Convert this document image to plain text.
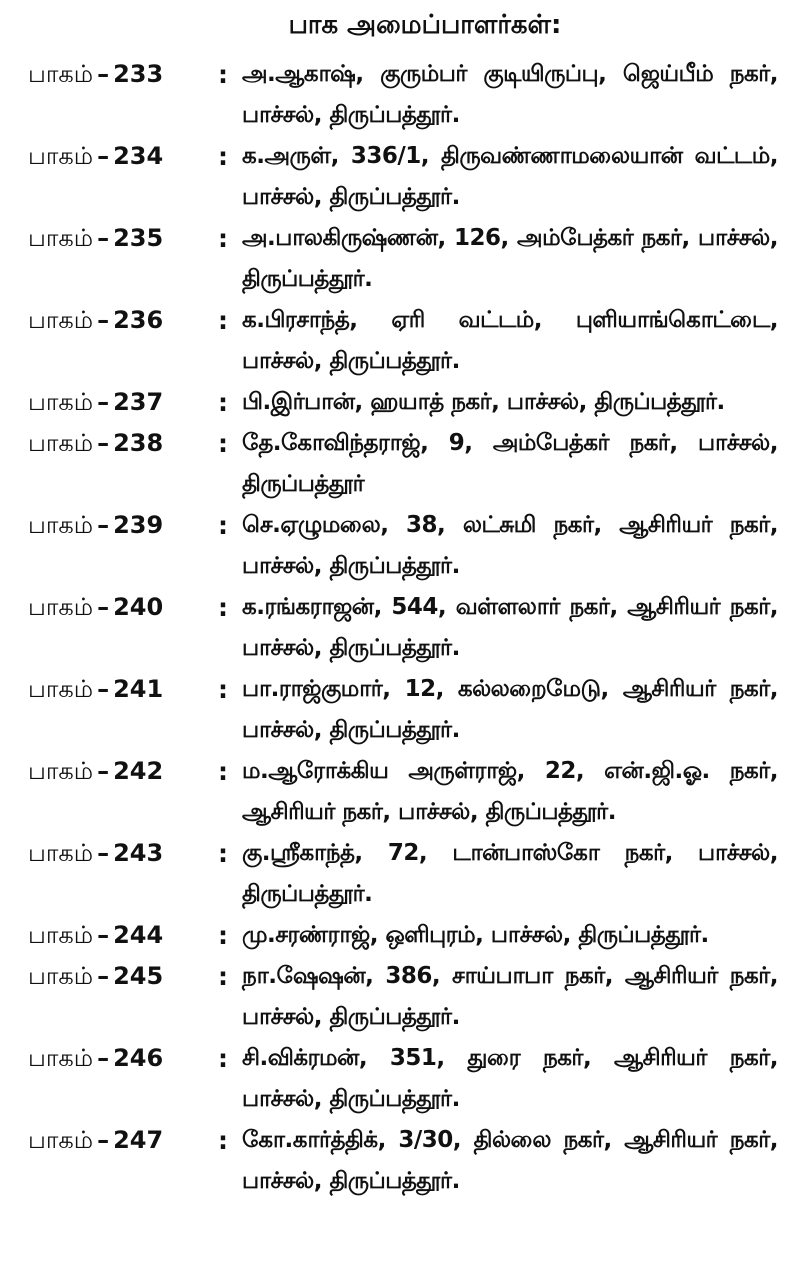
பாக அமைப்பாளர்கள்:
பாகம் – 233	: அ.ஆகாஷ், குரும்பர் குடியிருப்பு, ஜெய்பீம் நகர், பாச்சல், திருப்பத்தூர்.
பாகம் – 234	: க.அருள், 336/1, திருவண்ணாமலையான் வட்டம், பாச்சல், திருப்பத்தூர்.
பாகம் – 235	: அ.பாலகிருஷ்ணன், 126, அம்பேத்கர் நகர், பாச்சல், திருப்பத்தூர்.
பாகம் – 236	: க.பிரசாந்த், ஏரி வட்டம், புளியாங்கொட்டை, பாச்சல், திருப்பத்தூர்.
பாகம் – 237	: பி.இர்பான், ஹயாத் நகர், பாச்சல், திருப்பத்தூர்.
பாகம் – 238	: தே.கோவிந்தராஜ், 9, அம்பேத்கர் நகர், பாச்சல், திருப்பத்தூர்
பாகம் – 239	: செ.ஏழுமலை, 38, லட்சுமி நகர், ஆசிரியர் நகர், பாச்சல், திருப்பத்தூர்.
பாகம் – 240	: க.ரங்கராஜன், 544, வள்ளலார் நகர், ஆசிரியர் நகர், பாச்சல், திருப்பத்தூர்.
பாகம் – 241	: பா.ராஜ்குமார், 12, கல்லறைமேடு, ஆசிரியர் நகர், பாச்சல், திருப்பத்தூர்.
பாகம் – 242	: ம.ஆரோக்கிய அருள்ராஜ், 22, என்.ஜி.ஓ. நகர், ஆசிரியர் நகர், பாச்சல், திருப்பத்தூர்.
பாகம் – 243	: கு.ஸ்ரீகாந்த், 72, டான்பாஸ்கோ நகர், பாச்சல், திருப்பத்தூர்.
பாகம் – 244	: மு.சரண்ராஜ், ஒளிபுரம், பாச்சல், திருப்பத்தூர்.
பாகம் – 245	: நா.ஷேஷன், 386, சாய்பாபா நகர், ஆசிரியர் நகர், பாச்சல், திருப்பத்தூர்.
பாகம் – 246	: சி.விக்ரமன், 351, துரை நகர், ஆசிரியர் நகர், பாச்சல், திருப்பத்தூர்.
பாகம் – 247	: கோ.கார்த்திக், 3/30, தில்லை நகர், ஆசிரியர் நகர், பாச்சல், திருப்பத்தூர்.
